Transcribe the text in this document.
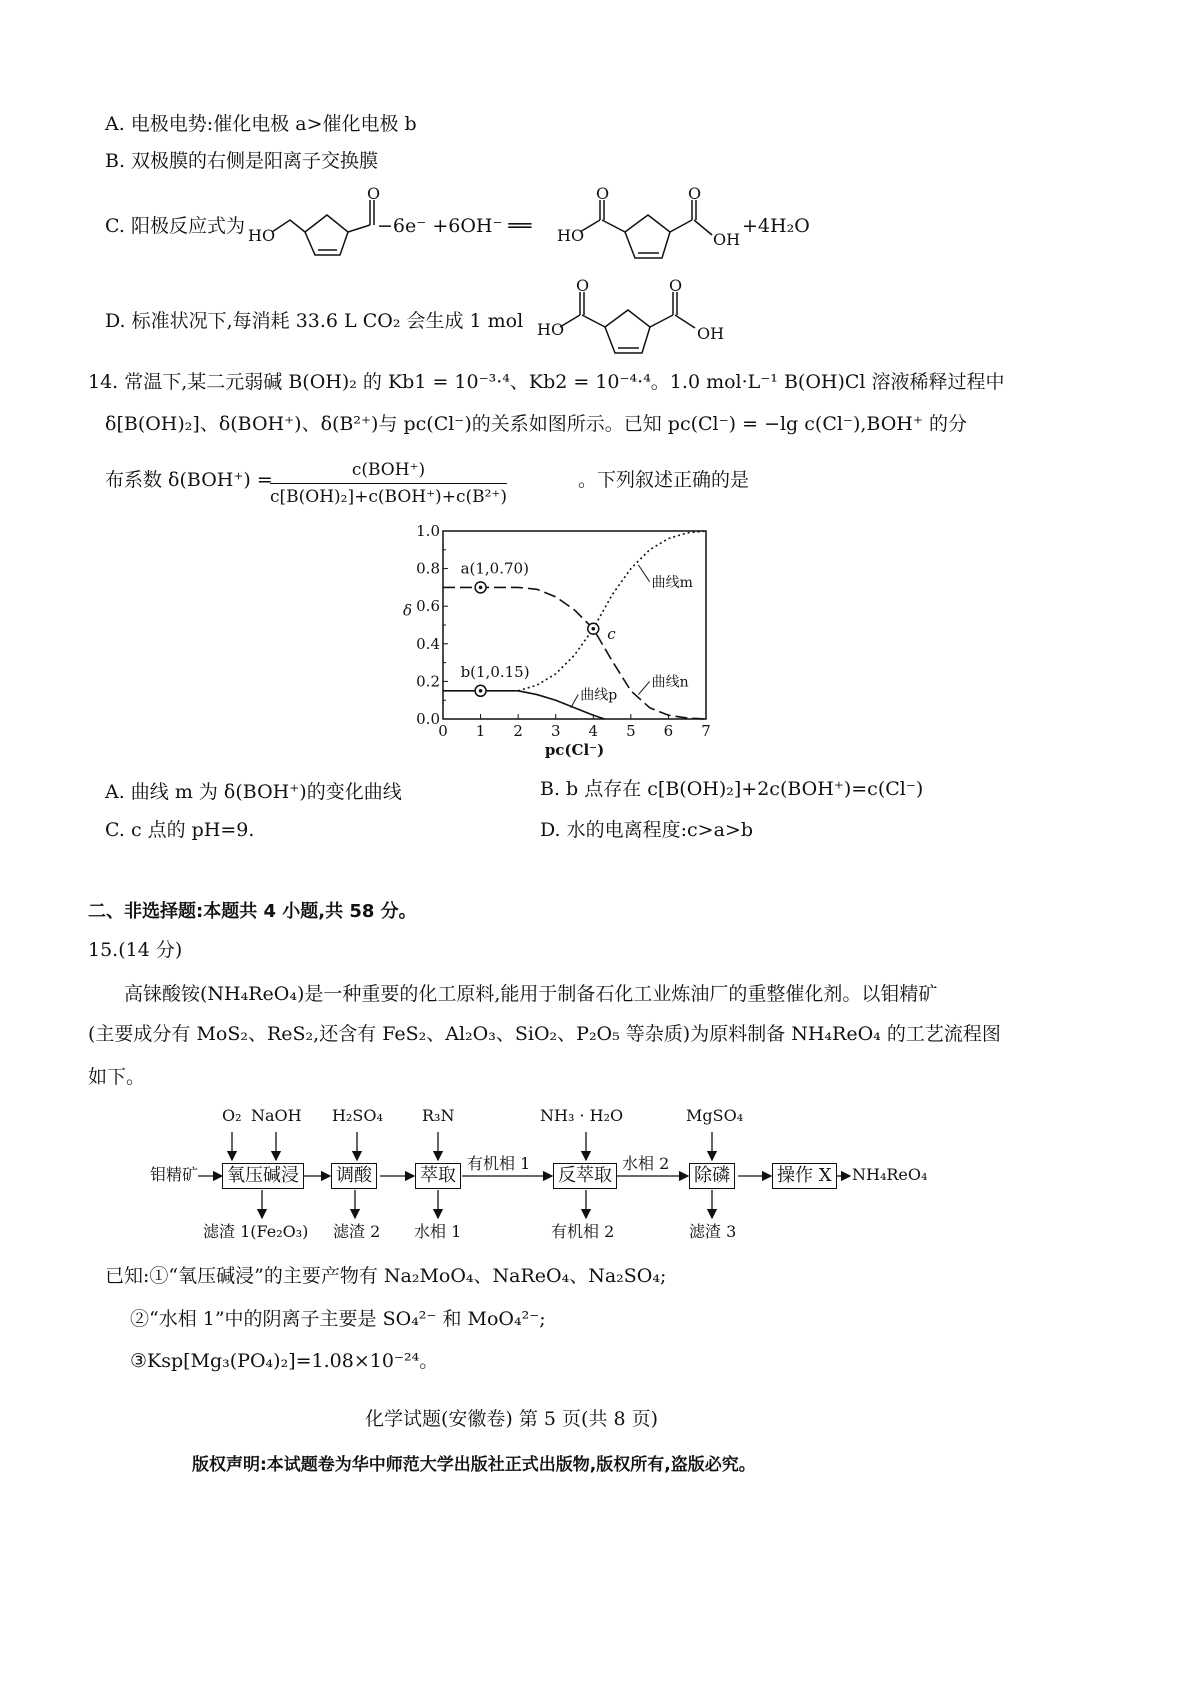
A. 电极电势:催化电极 a>催化电极 b
B. 双极膜的右侧是阳离子交换膜
C. 阳极反应式为 HO	−6e⁻ +6OH⁻ ══ HO	OH
+4H₂O
D. 标准状况下,每消耗 33.6 L CO₂ 会生成 1 mol HO	OH
O	O	O
O	O
14. 常温下,某二元弱碱 B(OH)₂ 的 Kb1 = 10⁻³·⁴、Kb2 = 10⁻⁴·⁴。1.0 mol·L⁻¹ B(OH)Cl 溶液稀释过程中
δ[B(OH)₂]、δ(BOH⁺)、δ(B²⁺)与 pc(Cl⁻)的关系如图所示。已知 pc(Cl⁻) = −lg c(Cl⁻),BOH⁺ 的分
布系数 δ(BOH⁺) =	c(BOH⁺)
c[B(OH)₂]+c(BOH⁺)+c(B²⁺)
。下列叙述正确的是
0 1 2 3 4 5 6 7
0.0
0.2
0.4
0.6
0.8
1.0
pc(Cl⁻)
δ
曲线m
曲线n
曲线p
a(1,0.70)
b(1,0.15)
c
A. 曲线 m 为 δ(BOH⁺)的变化曲线	B. b 点存在 c[B(OH)₂]+2c(BOH⁺)=c(Cl⁻)
C. c 点的 pH=9.	D. 水的电离程度:c>a>b
二、非选择题:本题共 4 小题,共 58 分。
15.(14 分)
高铼酸铵(NH₄ReO₄)是一种重要的化工原料,能用于制备石化工业炼油厂的重整催化剂。以钼精矿
(主要成分有 MoS₂、ReS₂,还含有 FeS₂、Al₂O₃、SiO₂、P₂O₅ 等杂质)为原料制备 NH₄ReO₄ 的工艺流程图
如下。
钼精矿 氧压碱浸 调酸	萃取	反萃取	除磷	操作 X	NH₄ReO₄
O₂ NaOH H₂SO₄ R₃N	NH₃ · H₂O	MgSO₄
有机相 1	水相 2
滤渣 1(Fe₂O₃) 滤渣 2 水相 1	有机相 2	滤渣 3
已知:①“氧压碱浸”的主要产物有 Na₂MoO₄、NaReO₄、Na₂SO₄;
②“水相 1”中的阴离子主要是 SO₄²⁻ 和 MoO₄²⁻;
③Ksp[Mg₃(PO₄)₂]=1.08×10⁻²⁴。
化学试题(安徽卷) 第 5 页(共 8 页)
版权声明:本试题卷为华中师范大学出版社正式出版物,版权所有,盗版必究。
